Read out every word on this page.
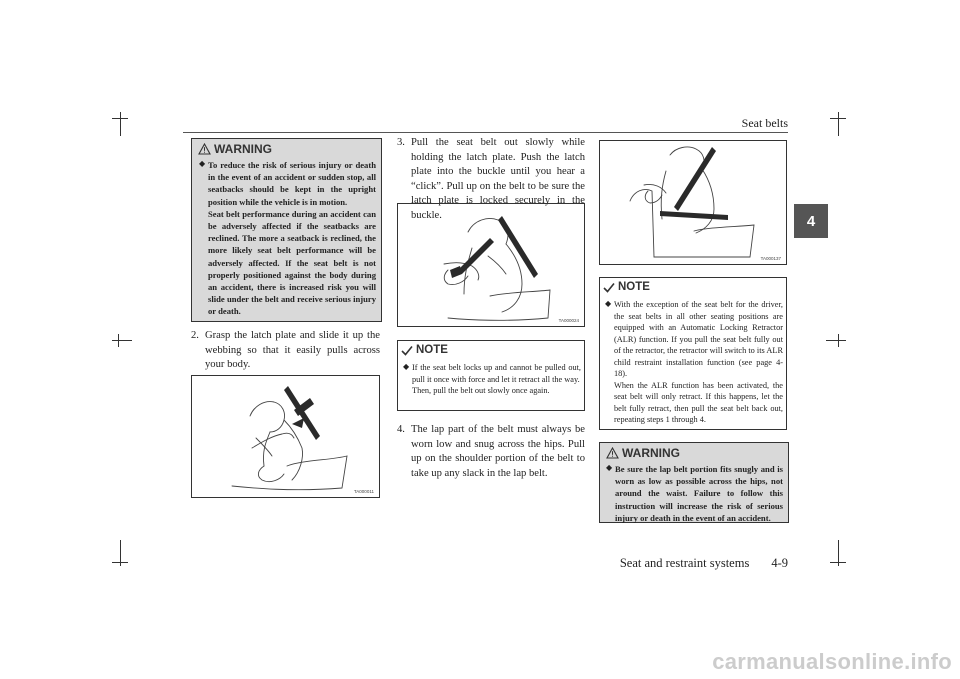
Seat belts
4
WARNING
◆ To reduce the risk of serious injury or death in the event of an accident or sudden stop, all seatbacks should be kept in the upright position while the vehicle is in motion.
Seat belt performance during an accident can be adversely affected if the seatbacks are reclined. The more a seatback is reclined, the more likely seat belt performance will be adversely affected. If the seat belt is not properly positioned against the body during an accident, there is increased risk you will slide under the belt and receive serious injury or death.
2. Grasp the latch plate and slide it up the webbing so that it easily pulls across your body.
TA000011
3. Pull the seat belt out slowly while holding the latch plate. Push the latch plate into the buckle until you hear a “click”. Pull up on the belt to be sure the latch plate is locked securely in the buckle.
TA000024
NOTE
◆ If the seat belt locks up and cannot be pulled out, pull it once with force and let it retract all the way.
Then, pull the belt out slowly once again.
4. The lap part of the belt must always be worn low and snug across the hips. Pull up on the shoulder portion of the belt to take up any slack in the lap belt.
TA000137
NOTE
◆ With the exception of the seat belt for the driver, the seat belts in all other seating positions are equipped with an Automatic Locking Retractor (ALR) function. If you pull the seat belt fully out of the retractor, the retractor will switch to its ALR child restraint installation function (see page 4-18).
When the ALR function has been activated, the seat belt will only retract. If this happens, let the belt fully retract, then pull the seat belt back out, repeating steps 1 through 4.
WARNING
◆ Be sure the lap belt portion fits snugly and is worn as low as possible across the hips, not around the waist. Failure to follow this instruction will increase the risk of serious injury or death in the event of an accident.
Seat and restraint systems 4-9
carmanualsonline.info
